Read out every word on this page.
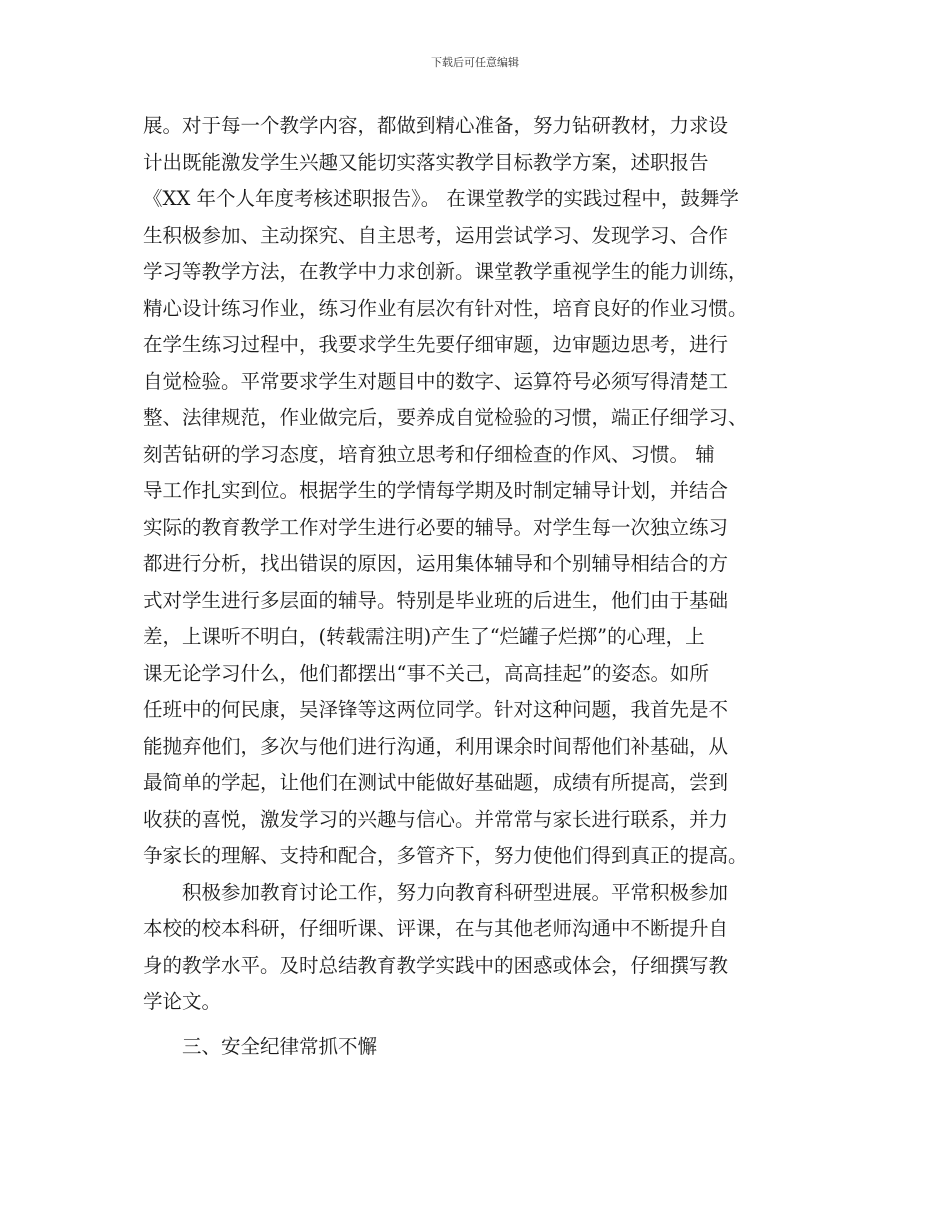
下载后可任意编辑
展。对于每一个教学内容，都做到精心准备，努力钻研教材，力求设
计出既能激发学生兴趣又能切实落实教学目标教学方案，述职报告
《XX 年个人年度考核述职报告》。 在课堂教学的实践过程中，鼓舞学
生积极参加、主动探究、自主思考，运用尝试学习、发现学习、合作
学习等教学方法，在教学中力求创新。课堂教学重视学生的能力训练，
精心设计练习作业，练习作业有层次有针对性，培育良好的作业习惯。
在学生练习过程中，我要求学生先要仔细审题，边审题边思考，进行
自觉检验。平常要求学生对题目中的数字、运算符号必须写得清楚工
整、法律规范，作业做完后，要养成自觉检验的习惯，端正仔细学习、
刻苦钻研的学习态度，培育独立思考和仔细检查的作风、习惯。 辅
导工作扎实到位。根据学生的学情每学期及时制定辅导计划，并结合
实际的教育教学工作对学生进行必要的辅导。对学生每一次独立练习
都进行分析，找出错误的原因，运用集体辅导和个别辅导相结合的方
式对学生进行多层面的辅导。特别是毕业班的后进生，他们由于基础
差，上课听不明白，(转载需注明)产生了“烂罐子烂掷”的心理，上
课无论学习什么，他们都摆出“事不关己，高高挂起”的姿态。如所
任班中的何民康，吴泽锋等这两位同学。针对这种问题，我首先是不
能抛弃他们，多次与他们进行沟通，利用课余时间帮他们补基础，从
最简单的学起，让他们在测试中能做好基础题，成绩有所提高，尝到
收获的喜悦，激发学习的兴趣与信心。并常常与家长进行联系，并力
争家长的理解、支持和配合，多管齐下，努力使他们得到真正的提高。
　　积极参加教育讨论工作，努力向教育科研型进展。平常积极参加
本校的校本科研，仔细听课、评课，在与其他老师沟通中不断提升自
身的教学水平。及时总结教育教学实践中的困惑或体会，仔细撰写教
学论文。
　　三、安全纪律常抓不懈
